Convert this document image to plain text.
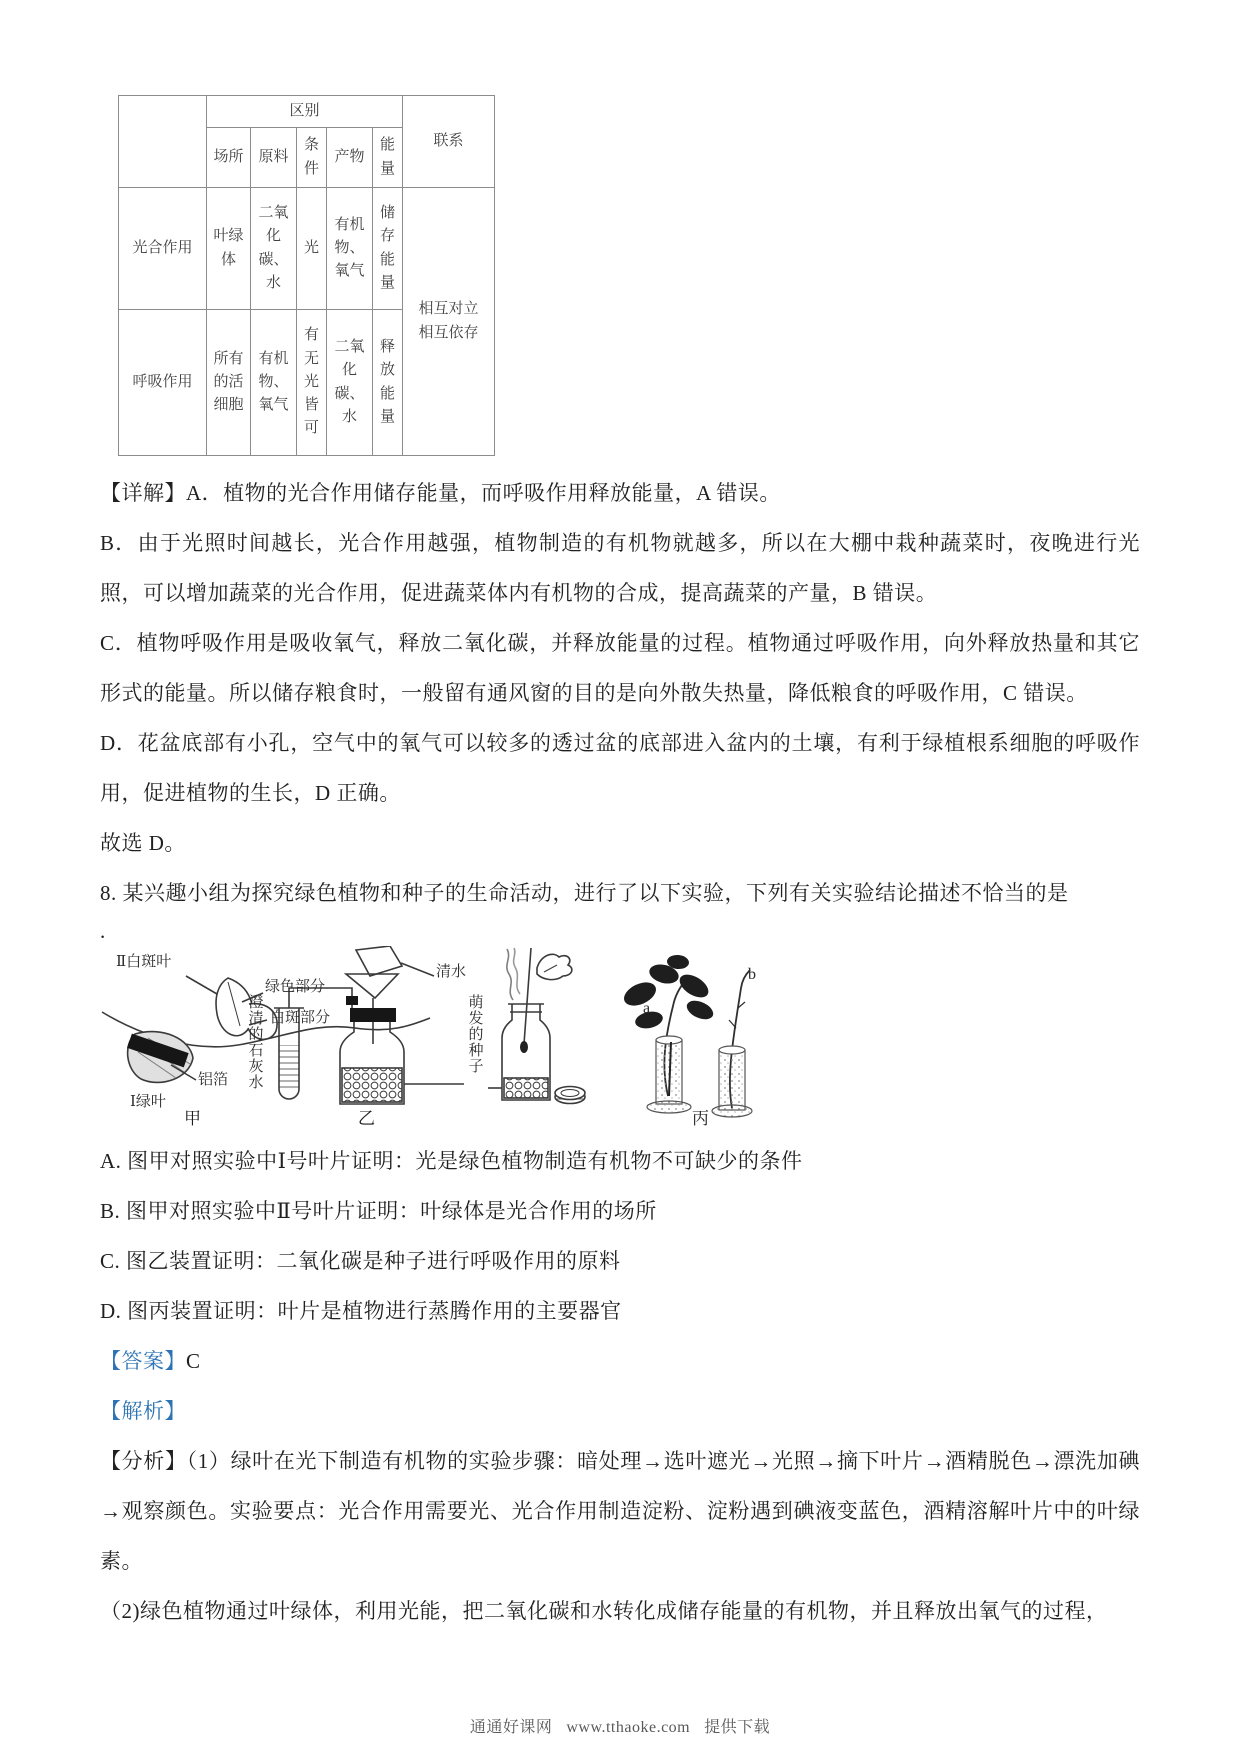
	区别					联系
	场所	原料	条件	产物	能量	
光合作用	叶绿体	二氧化碳、水	光	有机物、氧气	储存能量	相互对立
相互依存

呼吸作用	所有的活细胞	有机物、氧气	有无光皆可	二氧化碳、水	释放能量	

【详解】A．植物的光合作用储存能量，而呼吸作用释放能量，A 错误。

B．由于光照时间越长，光合作用越强，植物制造的有机物就越多，所以在大棚中栽种蔬菜时，夜晚进行光照，可以增加蔬菜的光合作用，促进蔬菜体内有机物的合成，提高蔬菜的产量，B 错误。

C．植物呼吸作用是吸收氧气，释放二氧化碳，并释放能量的过程。植物通过呼吸作用，向外释放热量和其它形式的能量。所以储存粮食时，一般留有通风窗的目的是向外散失热量，降低粮食的呼吸作用，C 错误。

D．花盆底部有小孔，空气中的氧气可以较多的透过盆的底部进入盆内的土壤，有利于绿植根系细胞的呼吸作用，促进植物的生长，D 正确。

故选 D。

8. 某兴趣小组为探究绿色植物和种子的生命活动，进行了以下实验，下列有关实验结论描述不恰当的是

.

Ⅱ白斑叶
绿色部分
白斑部分
铝箔
Ⅰ绿叶
甲
清水
澄清的石灰水	萌发的种子
乙
a
b
丙

A. 图甲对照实验中Ⅰ号叶片证明：光是绿色植物制造有机物不可缺少的条件

B. 图甲对照实验中Ⅱ号叶片证明：叶绿体是光合作用的场所

C. 图乙装置证明：二氧化碳是种子进行呼吸作用的原料

D. 图丙装置证明：叶片是植物进行蒸腾作用的主要器官

【答案】C

【解析】

【分析】（1）绿叶在光下制造有机物的实验步骤：暗处理→选叶遮光→光照→摘下叶片→酒精脱色→漂洗加碘→观察颜色。实验要点：光合作用需要光、光合作用制造淀粉、淀粉遇到碘液变蓝色，酒精溶解叶片中的叶绿素。

（2)绿色植物通过叶绿体，利用光能，把二氧化碳和水转化成储存能量的有机物，并且释放出氧气的过程，

通通好课网 www.tthaoke.com 提供下载
